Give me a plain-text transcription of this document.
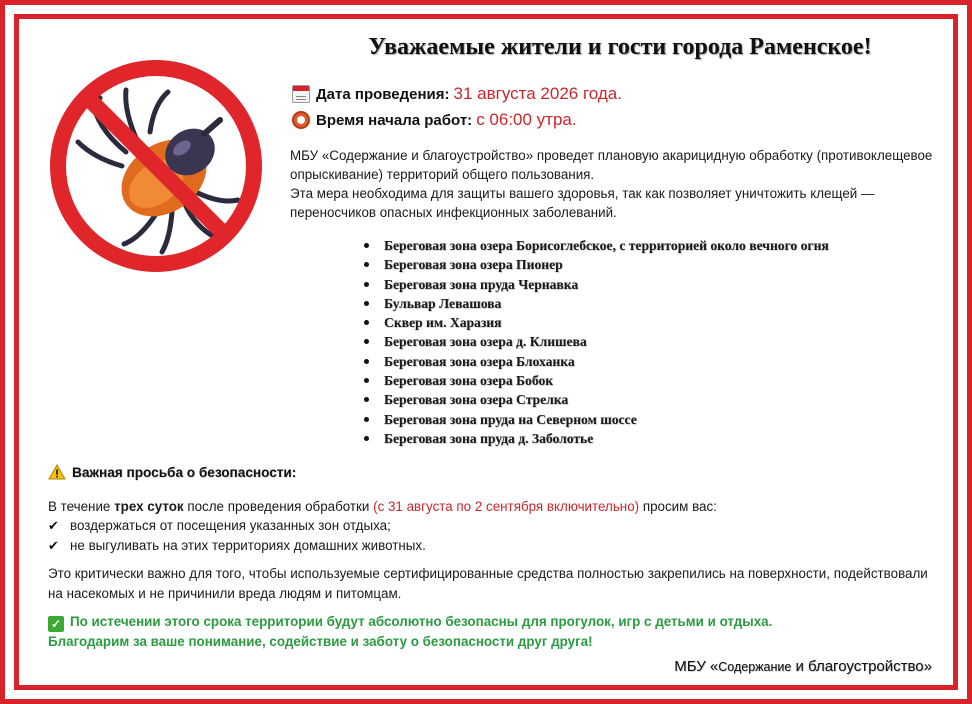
Уважаемые жители и гости города Раменское!
Дата проведения: 31 августа 2026 года.
Время начала работ: с 06:00 утра.

МБУ «Содержание и благоустройство» проведет плановую акарицидную обработку (противоклещевое опрыскивание) территорий общего пользования.

Эта мера необходима для защиты вашего здоровья, так как позволяет уничтожить клещей — переносчиков опасных инфекционных заболеваний.

Береговая зона озера Борисоглебское, с территорией около вечного огня
Береговая зона озера Пионер
Береговая зона пруда Чернавка
Бульвар Левашова
Сквер им. Харазия
Береговая зона озера д. Клишева
Береговая зона озера Блоханка
Береговая зона озера Бобок
Береговая зона озера Стрелка
Береговая зона пруда на Северном шоссе
Береговая зона пруда д. Заболотье
Важная просьба о безопасности:

В течение трех суток после проведения обработки (с 31 августа по 2 сентября включительно) просим вас:

✔ воздержаться от посещения указанных зон отдыха;
✔ не выгуливать на этих территориях домашних животных.

Это критически важно для того, чтобы используемые сертифицированные средства полностью закрепились на поверхности, подействовали на насекомых и не причинили вреда людям и питомцам.

✓ По истечении этого срока территории будут абсолютно безопасны для прогулок, игр с детьми и отдыха.
Благодарим за ваше понимание, содействие и заботу о безопасности друг друга!
МБУ «Содержание и благоустройство»
